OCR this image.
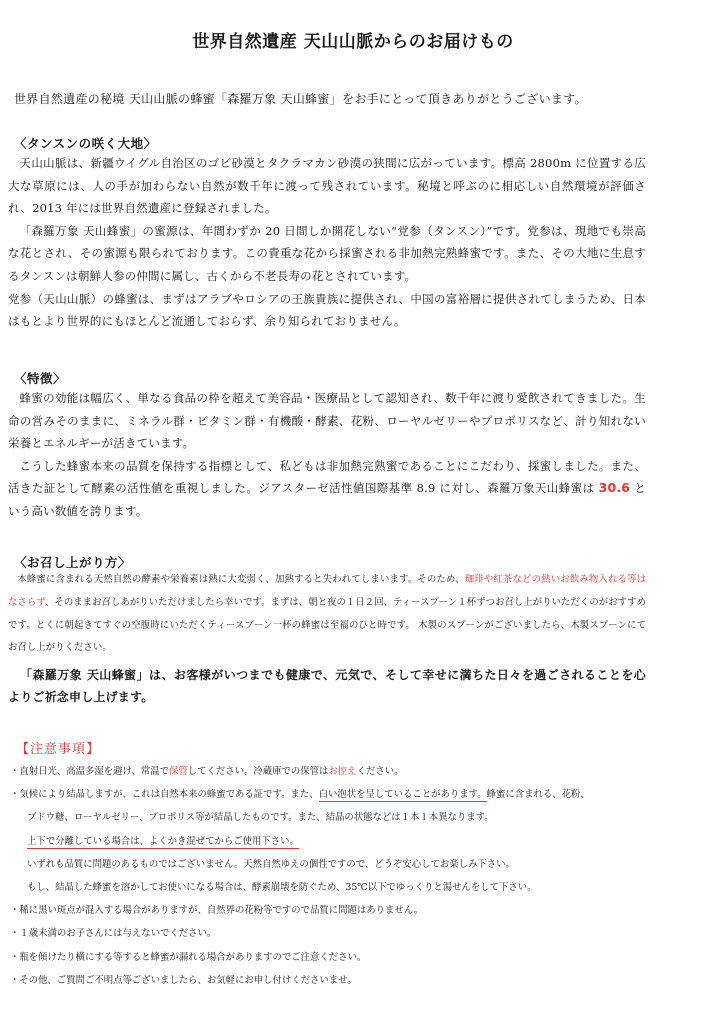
世界自然遺産 天山山脈からのお届けもの
世界自然遺産の秘境 天山山脈の蜂蜜「森羅万象 天山蜂蜜」をお手にとって頂きありがとうございます。
〈タンスンの咲く大地〉

天山山脈は、新疆ウイグル自治区のゴビ砂漠とタクラマカン砂漠の狭間に広がっています。標高 2800m に位置する広大な草原には、人の手が加わらない自然が数千年に渡って残されています。秘境と呼ぶのに相応しい自然環境が評価され、2013 年には世界自然遺産に登録されました。

「森羅万象 天山蜂蜜」の蜜源は、年間わずか 20 日間しか開花しない“党参（タンスン）”です。党参は、現地でも崇高な花とされ、その蜜源も限られております。この貴重な花から採蜜される非加熱完熟蜂蜜です。また、その大地に生息するタンスンは朝鮮人参の仲間に属し、古くから不老長寿の花とされています。

党参（天山山脈）の蜂蜜は、まずはアラブやロシアの王族貴族に提供され、中国の富裕層に提供されてしまうため、日本はもとより世界的にもほとんど流通しておらず、余り知られておりません。

〈特徴〉

蜂蜜の効能は幅広く、単なる食品の枠を超えて美容品・医療品として認知され、数千年に渡り愛飲されてきました。生命の営みそのままに、ミネラル群・ビタミン群・有機酸・酵素、花粉、ローヤルゼリーやプロポリスなど、計り知れない栄養とエネルギーが活きています。

こうした蜂蜜本来の品質を保持する指標として、私どもは非加熱完熟蜜であることにこだわり、採蜜しました。また、活きた証として酵素の活性値を重視しました。ジアスターゼ活性値国際基準 8.9 に対し、森羅万象天山蜂蜜は 30.6 という高い数値を誇ります。

〈お召し上がり方〉

本蜂蜜に含まれる天然自然の酵素や栄養素は熱に大変弱く、加熱すると失われてしまいます。そのため、珈琲や紅茶などの熱いお飲み物入れる等はなさらず、そのままお召しあがりいただけましたら幸いです。まずは、朝と夜の１日２回、ティースプーン１杯ずつお召し上がりいただくのがおすすめです。とくに朝起きてすぐの空腹時にいただくティースプーン一杯の蜂蜜は至福のひと時です。 木製のスプーンがございましたら、木製スプーンにてお召し上がりください。

「森羅万象 天山蜂蜜」は、お客様がいつまでも健康で、元気で、そして幸せに満ちた日々を過ごされることを心よりご祈念申し上げます。

【注意事項】
・直射日光、高温多湿を避け、常温で保管してください。冷蔵庫での保管はお控えください。
・気候により結晶しますが、これは自然本来の蜂蜜である証です。また、白い泡状を呈していることがあります。蜂蜜に含まれる、花粉、
ブドウ糖、ローヤルゼリー、プロポリス等が結晶したものです。また、結晶の状態などは１本１本異なります。
上下で分離している場合は、よくかき混ぜてからご使用下さい。
いずれも品質に問題のあるものではございません。天然自然ゆえの個性ですので、どうぞ安心してお楽しみ下さい。
もし、結晶した蜂蜜を溶かしてお使いになる場合は、酵素崩壊を防ぐため、35℃以下でゆっくりと湯せんをして下さい。
・稀に黒い斑点が混入する場合がありますが、自然界の花粉等ですので品質に問題はありません。
・１歳未満のお子さんには与えないでください。
・瓶を傾けたり横にする等すると蜂蜜が漏れる場合がありますのでご注意ください。
・その他、ご質問ご不明点等ございましたら、お気軽にお申し付けくださいませ。
